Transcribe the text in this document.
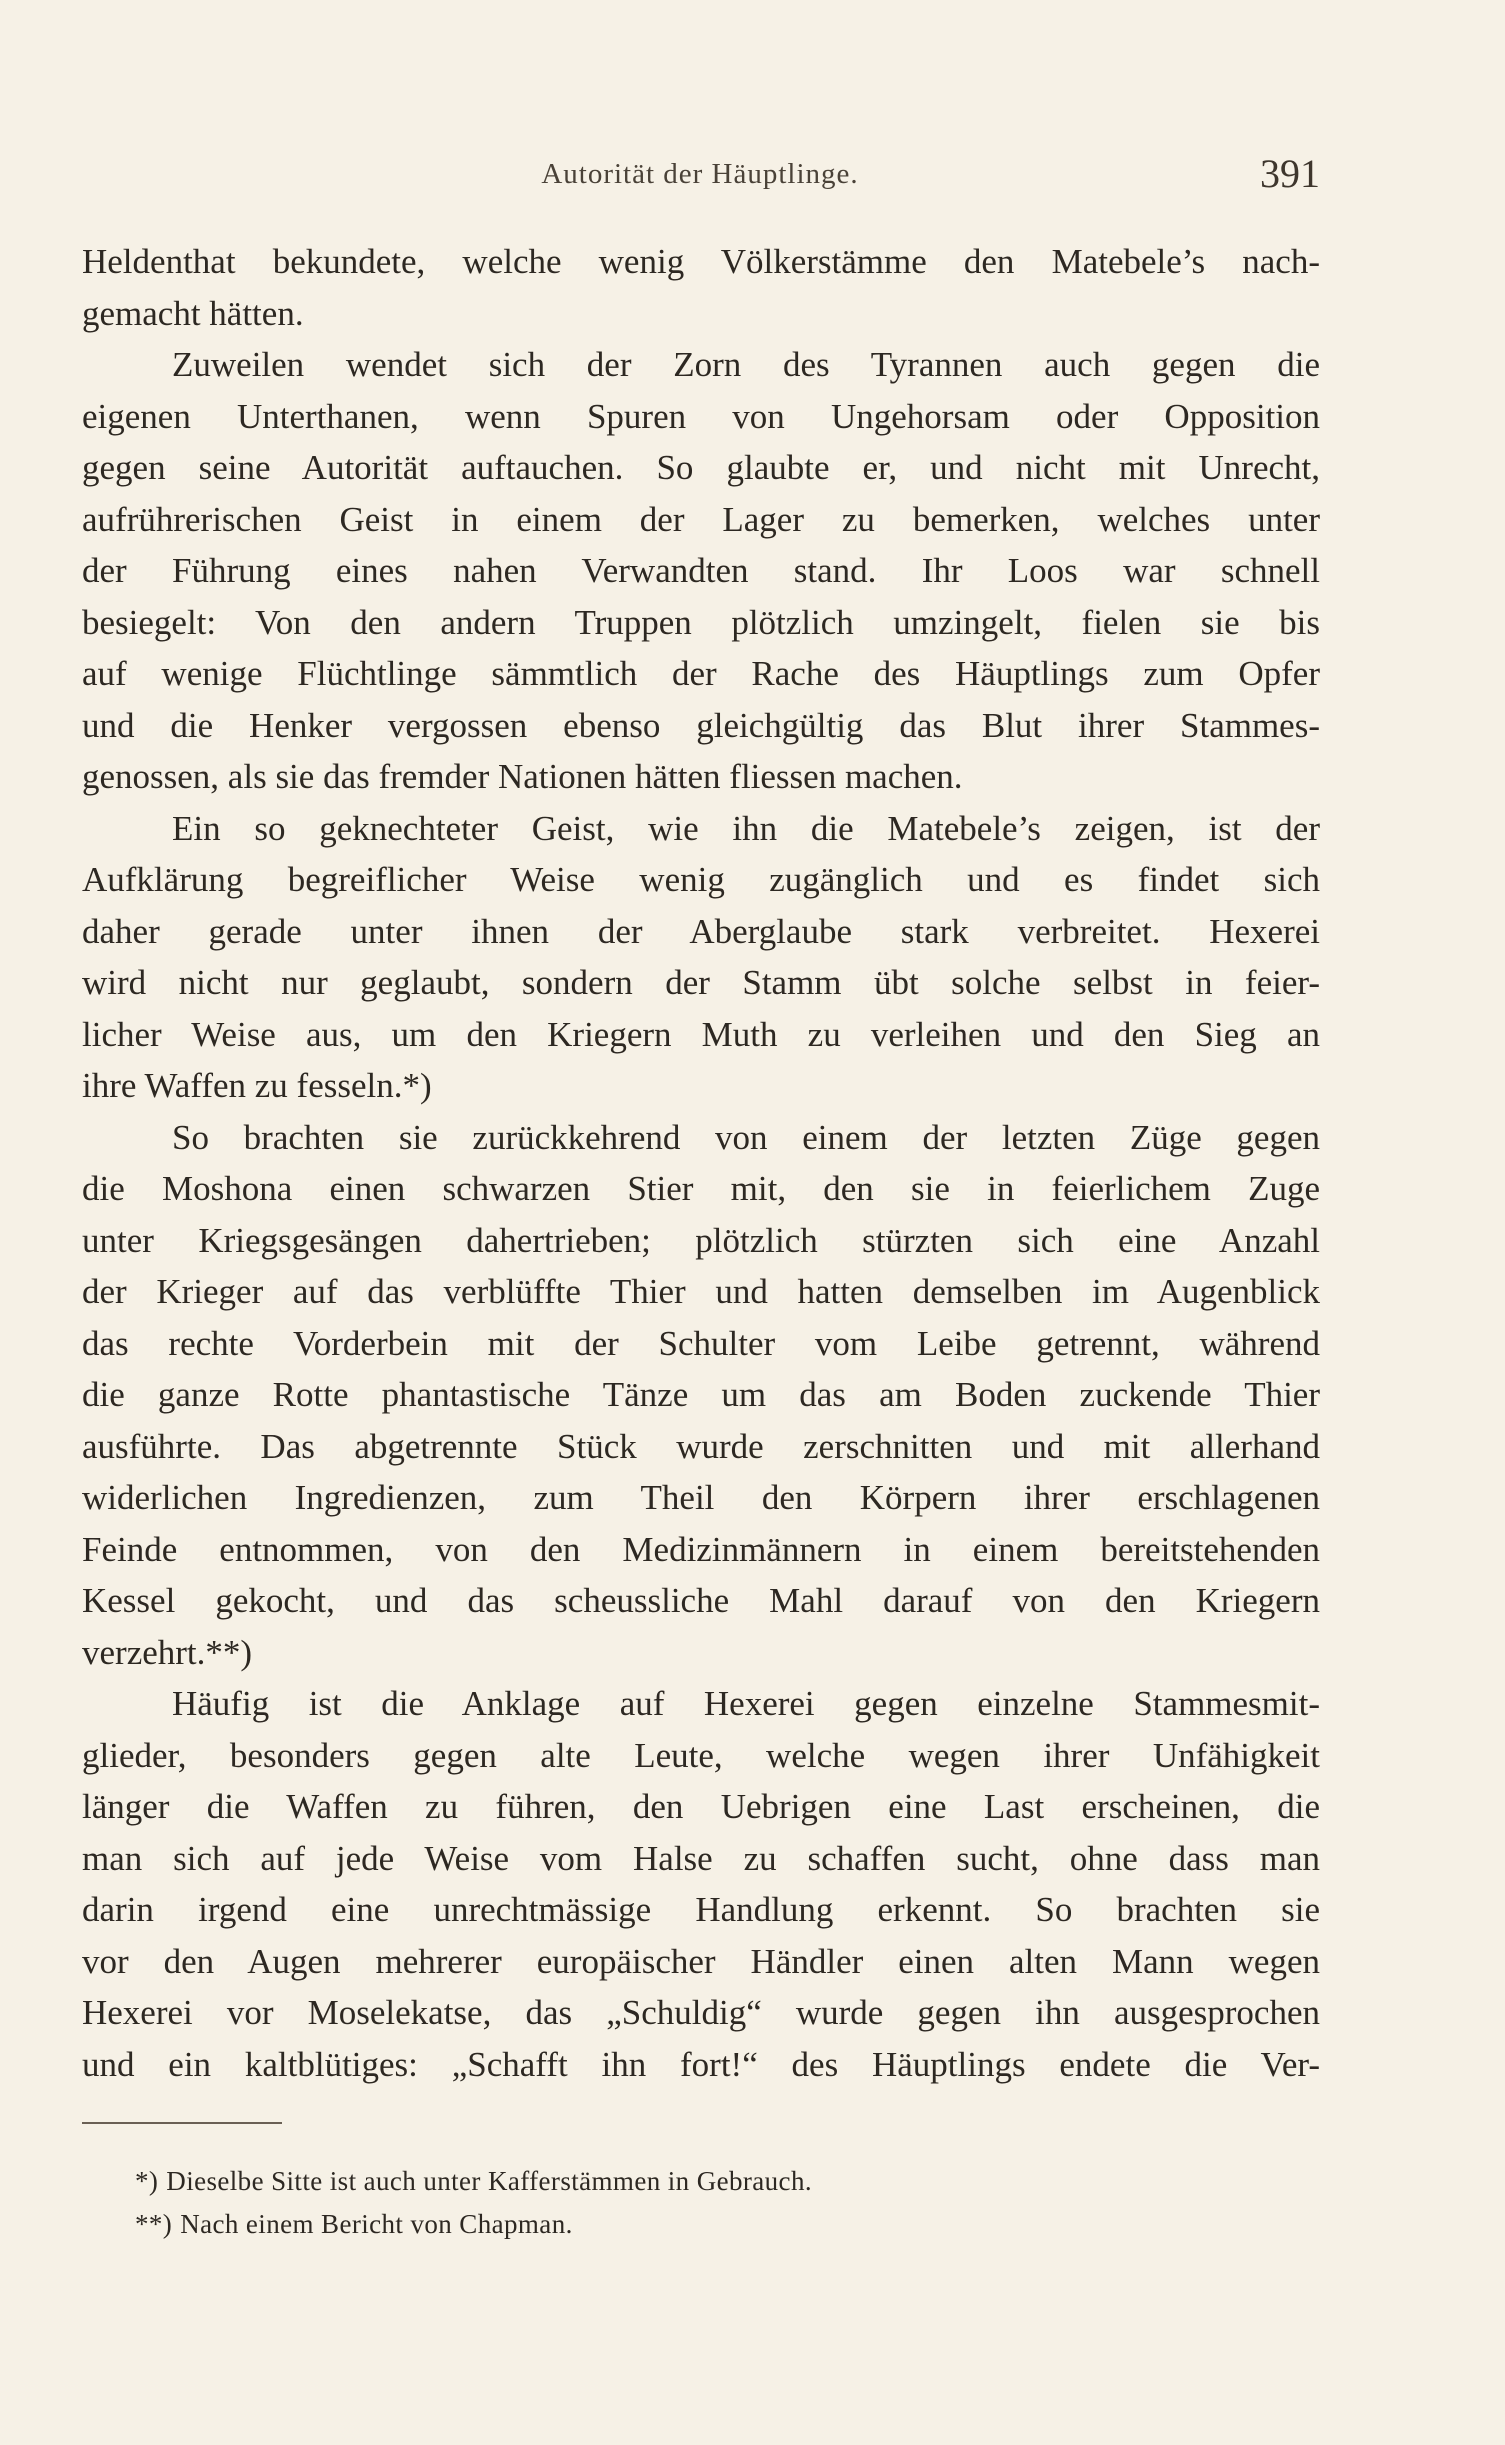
Autorität der Häuptlinge.	391
Heldenthat bekundete, welche wenig Völkerstämme den Matebele’s nach-
gemacht hätten.
Zuweilen wendet sich der Zorn des Tyrannen auch gegen die
eigenen Unterthanen, wenn Spuren von Ungehorsam oder Opposition
gegen seine Autorität auftauchen. So glaubte er, und nicht mit Unrecht,
aufrührerischen Geist in einem der Lager zu bemerken, welches unter
der Führung eines nahen Verwandten stand. Ihr Loos war schnell
besiegelt: Von den andern Truppen plötzlich umzingelt, fielen sie bis
auf wenige Flüchtlinge sämmtlich der Rache des Häuptlings zum Opfer
und die Henker vergossen ebenso gleichgültig das Blut ihrer Stammes-
genossen, als sie das fremder Nationen hätten fliessen machen.
Ein so geknechteter Geist, wie ihn die Matebele’s zeigen, ist der
Aufklärung begreiflicher Weise wenig zugänglich und es findet sich
daher gerade unter ihnen der Aberglaube stark verbreitet. Hexerei
wird nicht nur geglaubt, sondern der Stamm übt solche selbst in feier-
licher Weise aus, um den Kriegern Muth zu verleihen und den Sieg an
ihre Waffen zu fesseln.*)
So brachten sie zurückkehrend von einem der letzten Züge gegen
die Moshona einen schwarzen Stier mit, den sie in feierlichem Zuge
unter Kriegsgesängen dahertrieben; plötzlich stürzten sich eine Anzahl
der Krieger auf das verblüffte Thier und hatten demselben im Augenblick
das rechte Vorderbein mit der Schulter vom Leibe getrennt, während
die ganze Rotte phantastische Tänze um das am Boden zuckende Thier
ausführte. Das abgetrennte Stück wurde zerschnitten und mit allerhand
widerlichen Ingredienzen, zum Theil den Körpern ihrer erschlagenen
Feinde entnommen, von den Medizinmännern in einem bereitstehenden
Kessel gekocht, und das scheussliche Mahl darauf von den Kriegern
verzehrt.**)
Häufig ist die Anklage auf Hexerei gegen einzelne Stammesmit-
glieder, besonders gegen alte Leute, welche wegen ihrer Unfähigkeit
länger die Waffen zu führen, den Uebrigen eine Last erscheinen, die
man sich auf jede Weise vom Halse zu schaffen sucht, ohne dass man
darin irgend eine unrechtmässige Handlung erkennt. So brachten sie
vor den Augen mehrerer europäischer Händler einen alten Mann wegen
Hexerei vor Moselekatse, das „Schuldig“ wurde gegen ihn ausgesprochen
und ein kaltblütiges: „Schafft ihn fort!“ des Häuptlings endete die Ver-
*) Dieselbe Sitte ist auch unter Kafferstämmen in Gebrauch.
**) Nach einem Bericht von Chapman.
